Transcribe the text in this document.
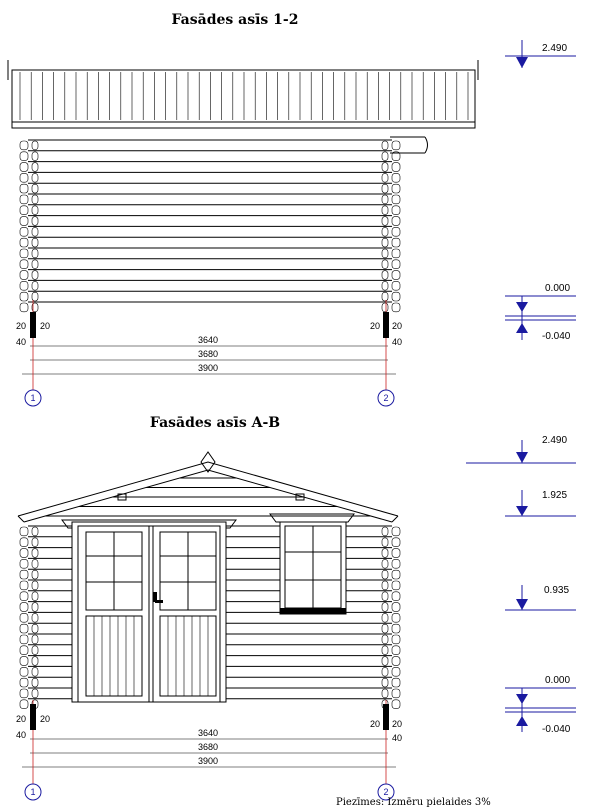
Fasādes asīs 1-2
20 20
40
20 20
40
3640
3680
3900
1	2
2.490
0.000
-0.040
Fasādes asīs A-B
20 20
40
20 20
40
3640
3680
3900
1	2
2.490
1.925
0.935
0.000
-0.040
Piezīmes: Izmēru pielaides 3%
